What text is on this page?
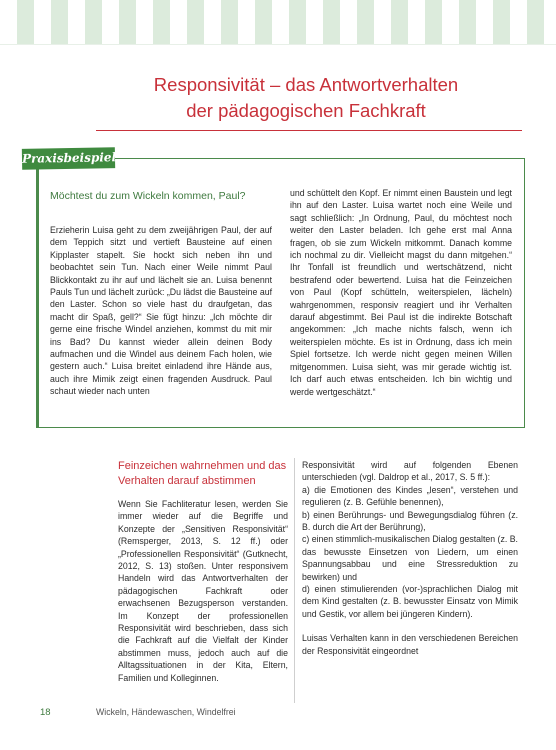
Responsivität – das Antwortverhalten
der pädagogischen Fachkraft
Praxisbeispiel
Möchtest du zum Wickeln kommen, Paul?

Erzieherin Luisa geht zu dem zweijährigen Paul, der auf dem Teppich sitzt und vertieft Bausteine auf einen Kipplaster stapelt. Sie hockt sich neben ihn und beobachtet sein Tun. Nach einer Weile nimmt Paul Blickkontakt zu ihr auf und lächelt sie an. Luisa benennt Pauls Tun und lächelt zurück: „Du lädst die Bausteine auf den Laster. Schon so viele hast du draufgetan, das macht dir Spaß, gell?“ Sie fügt hinzu: „Ich möchte dir gerne eine frische Windel anziehen, kommst du mit mir ins Bad? Du kannst wieder allein deinen Body aufmachen und die Windel aus deinem Fach holen, wie gestern auch.“ Luisa breitet einladend ihre Hände aus, auch ihre Mimik zeigt einen fragenden Ausdruck. Paul schaut wieder nach unten

und schüttelt den Kopf. Er nimmt einen Baustein und legt ihn auf den Laster. Luisa wartet noch eine Weile und sagt schließlich: „In Ordnung, Paul, du möchtest noch weiter den Laster beladen. Ich gehe erst mal Anna fragen, ob sie zum Wickeln mitkommt. Danach komme ich nochmal zu dir. Vielleicht magst du dann mitgehen.“ Ihr Tonfall ist freundlich und wertschätzend, nicht bestrafend oder bewertend. Luisa hat die Feinzeichen von Paul (Kopf schütteln, weiterspielen, lächeln) wahrgenommen, responsiv reagiert und ihr Verhalten darauf abgestimmt. Bei Paul ist die indirekte Botschaft angekommen: „Ich mache nichts falsch, wenn ich weiterspielen möchte. Es ist in Ordnung, dass ich mein Spiel fortsetze. Ich werde nicht gegen meinen Willen mitgenommen. Luisa sieht, was mir gerade wichtig ist. Ich darf auch etwas entscheiden. Ich bin wichtig und werde wertgeschätzt.“

Feinzeichen wahrnehmen und das Verhalten darauf abstimmen

Wenn Sie Fachliteratur lesen, werden Sie immer wieder auf die Begriffe und Konzepte der „Sensitiven Responsivität“ (Remsperger, 2013, S. 12 ff.) oder „Professionellen Responsivität“ (Gutknecht, 2012, S. 13) stoßen. Unter responsivem Handeln wird das Antwortverhalten der pädagogischen Fachkraft oder erwachsenen Bezugsperson verstanden. Im Konzept der professionellen Responsivität wird beschrieben, dass sich die Fachkraft auf die Vielfalt der Kinder abstimmen muss, jedoch auch auf die Alltagssituationen in der Kita, Eltern, Familien und Kolleginnen.

Responsivität wird auf folgenden Ebenen unterschieden (vgl. Daldrop et al., 2017, S. 5 ff.):

a) die Emotionen des Kindes „lesen“, verstehen und regulieren (z. B. Gefühle benennen),

b) einen Berührungs- und Bewegungsdialog führen (z. B. durch die Art der Berührung),

c) einen stimmlich-musikalischen Dialog gestalten (z. B. das bewusste Einsetzen von Liedern, um einen Spannungsabbau und eine Stressreduktion zu bewirken) und

d) einen stimulierenden (vor-)sprachlichen Dialog mit dem Kind gestalten (z. B. bewusster Einsatz von Mimik und Gestik, vor allem bei jüngeren Kindern).

Luisas Verhalten kann in den verschiedenen Bereichen der Responsivität eingeordnet

18	Wickeln, Händewaschen, Windelfrei
